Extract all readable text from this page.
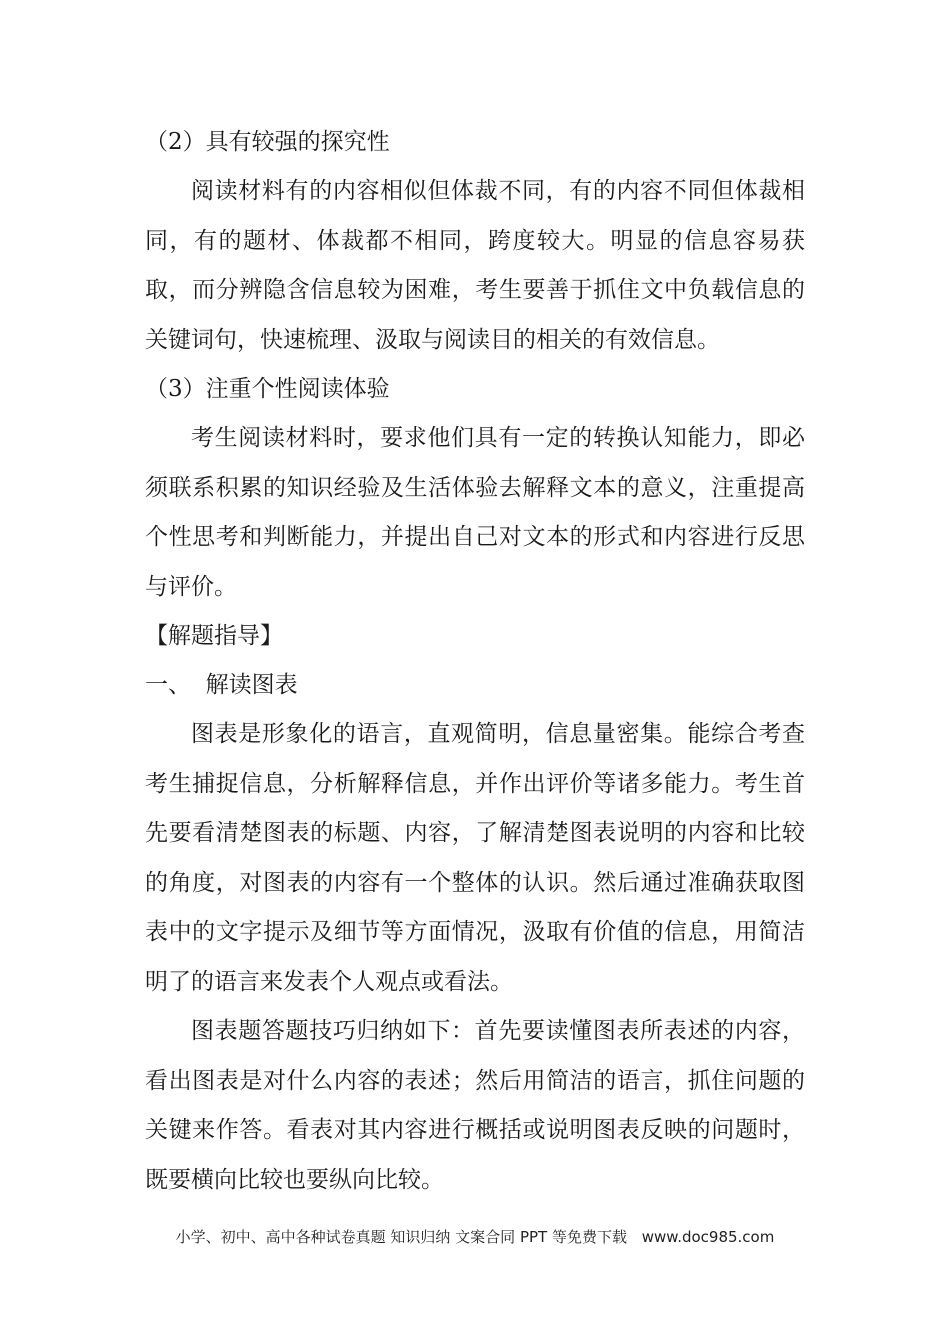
（2）具有较强的探究性

阅读材料有的内容相似但体裁不同，有的内容不同但体裁相同，有的题材、体裁都不相同，跨度较大。明显的信息容易获取，而分辨隐含信息较为困难，考生要善于抓住文中负载信息的关键词句，快速梳理、汲取与阅读目的相关的有效信息。

（3）注重个性阅读体验

考生阅读材料时，要求他们具有一定的转换认知能力，即必须联系积累的知识经验及生活体验去解释文本的意义，注重提高个性思考和判断能力，并提出自己对文本的形式和内容进行反思与评价。

【解题指导】

一、  解读图表

图表是形象化的语言，直观简明，信息量密集。能综合考查考生捕捉信息，分析解释信息，并作出评价等诸多能力。考生首先要看清楚图表的标题、内容，了解清楚图表说明的内容和比较的角度，对图表的内容有一个整体的认识。然后通过准确获取图表中的文字提示及细节等方面情况，汲取有价值的信息，用简洁明了的语言来发表个人观点或看法。

图表题答题技巧归纳如下：首先要读懂图表所表述的内容，看出图表是对什么内容的表述；然后用简洁的语言，抓住问题的关键来作答。看表对其内容进行概括或说明图表反映的问题时，既要横向比较也要纵向比较。

小学、初中、高中各种试卷真题 知识归纳 文案合同 PPT 等免费下载 www.doc985.com
